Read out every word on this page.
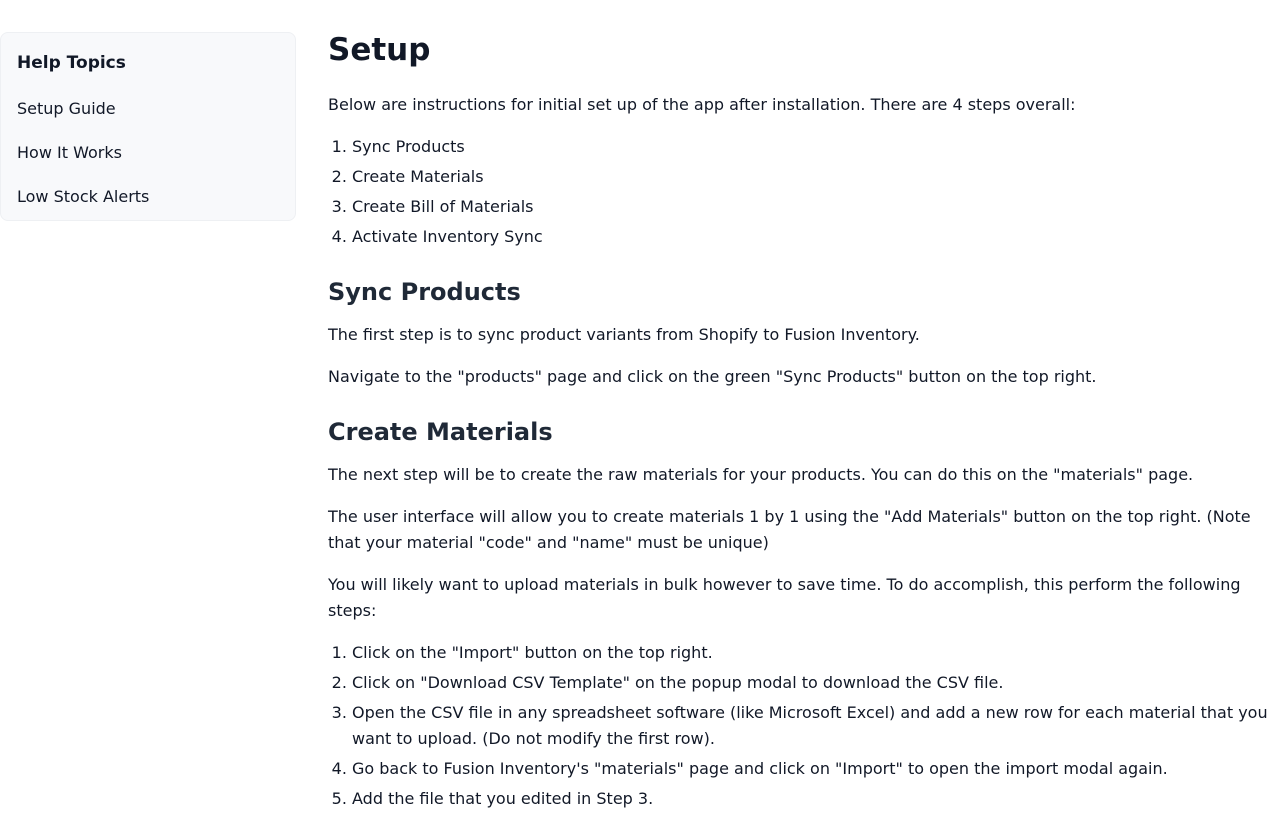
Help Topics
Setup Guide
How It Works
Low Stock Alerts
Setup

Below are instructions for initial set up of the app after installation. There are 4 steps overall:

1. Sync Products
2. Create Materials
3. Create Bill of Materials
4. Activate Inventory Sync
Sync Products

The first step is to sync product variants from Shopify to Fusion Inventory.

Navigate to the "products" page and click on the green "Sync Products" button on the top right.

Create Materials

The next step will be to create the raw materials for your products. You can do this on the "materials" page.

The user interface will allow you to create materials 1 by 1 using the "Add Materials" button on the top right. (Note that your material "code" and "name" must be unique)

You will likely want to upload materials in bulk however to save time. To do accomplish, this perform the following steps:

1. Click on the "Import" button on the top right.
2. Click on "Download CSV Template" on the popup modal to download the CSV file.
3. Open the CSV file in any spreadsheet software (like Microsoft Excel) and add a new row for each material that you want to upload. (Do not modify the first row).
4. Go back to Fusion Inventory's "materials" page and click on "Import" to open the import modal again.
5. Add the file that you edited in Step 3.
